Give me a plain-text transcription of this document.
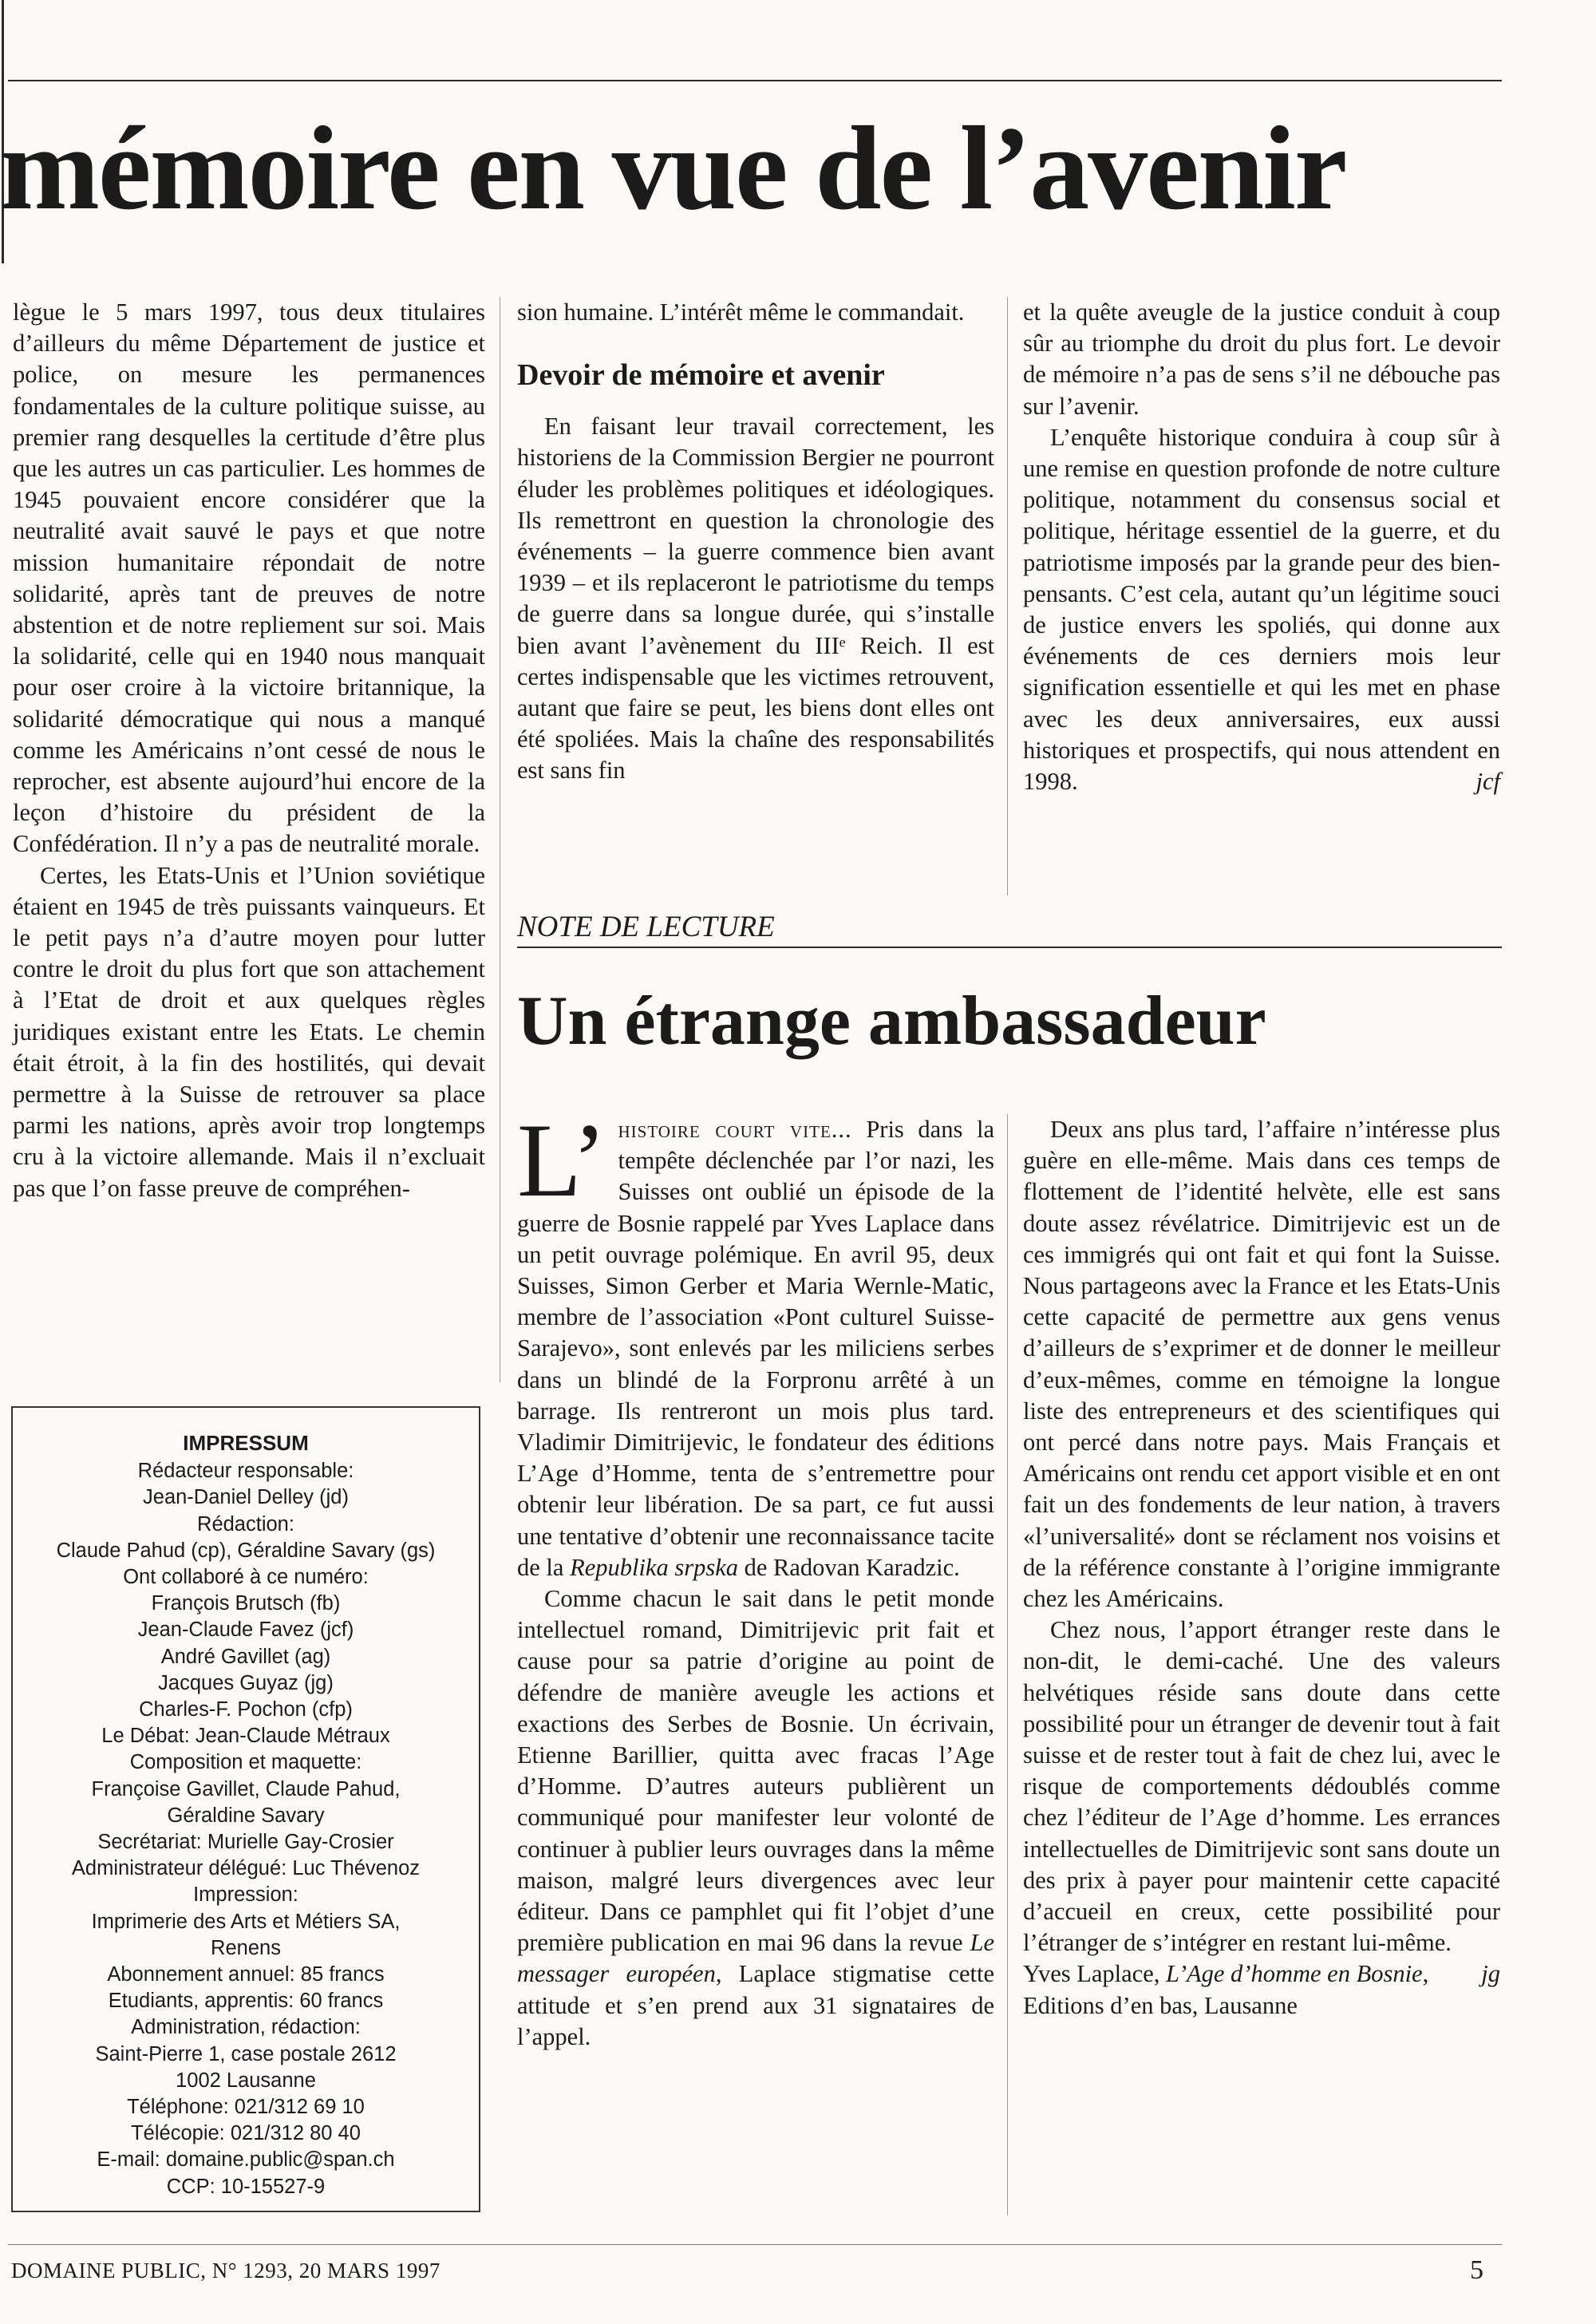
mémoire en vue de l’avenir

lègue le 5 mars 1997, tous deux titulaires d’ailleurs du même Département de justice et police, on mesure les permanences fondamentales de la culture politique suisse, au premier rang desquelles la certitude d’être plus que les autres un cas particulier. Les hommes de 1945 pouvaient encore considérer que la neutralité avait sauvé le pays et que notre mission humanitaire répondait de notre solidarité, après tant de preuves de notre abstention et de notre repliement sur soi. Mais la solidarité, celle qui en 1940 nous manquait pour oser croire à la victoire britannique, la solidarité démocratique qui nous a manqué comme les Américains n’ont cessé de nous le reprocher, est absente aujourd’hui encore de la leçon d’histoire du président de la Confédération. Il n’y a pas de neutralité morale.

Certes, les Etats-Unis et l’Union soviétique étaient en 1945 de très puissants vainqueurs. Et le petit pays n’a d’autre moyen pour lutter contre le droit du plus fort que son attachement à l’Etat de droit et aux quelques règles juridiques existant entre les Etats. Le chemin était étroit, à la fin des hostilités, qui devait permettre à la Suisse de retrouver sa place parmi les nations, après avoir trop longtemps cru à la victoire allemande. Mais il n’excluait pas que l’on fasse preuve de compréhen-

sion humaine. L’intérêt même le commandait.

Devoir de mémoire et avenir

En faisant leur travail correctement, les historiens de la Commission Bergier ne pourront éluder les problèmes politiques et idéologiques. Ils remettront en question la chronologie des événements – la guerre commence bien avant 1939 – et ils replaceront le patriotisme du temps de guerre dans sa longue durée, qui s’installe bien avant l’avènement du IIIᵉ Reich. Il est certes indispensable que les victimes retrouvent, autant que faire se peut, les biens dont elles ont été spoliées. Mais la chaîne des responsabilités est sans fin

et la quête aveugle de la justice conduit à coup sûr au triomphe du droit du plus fort. Le devoir de mémoire n’a pas de sens s’il ne débouche pas sur l’avenir.

L’enquête historique conduira à coup sûr à une remise en question profonde de notre culture politique, notamment du consensus social et politique, héritage essentiel de la guerre, et du patriotisme imposés par la grande peur des bien-pensants. C’est cela, autant qu’un légitime souci de justice envers les spoliés, qui donne aux événements de ces derniers mois leur signification essentielle et qui les met en phase avec les deux anniversaires, eux aussi historiques et prospectifs, qui nous attendent en 1998.	jcf

NOTE DE LECTURE
Un étrange ambassadeur

L’ histoire court vite... Pris dans la tempête déclenchée par l’or nazi, les Suisses ont oublié un épisode de la guerre de Bosnie rappelé par Yves Laplace dans un petit ouvrage polémique. En avril 95, deux Suisses, Simon Gerber et Maria Wernle-Matic, membre de l’association «Pont culturel Suisse-Sarajevo», sont enlevés par les miliciens serbes dans un blindé de la Forpronu arrêté à un barrage. Ils rentreront un mois plus tard. Vladimir Dimitrijevic, le fondateur des éditions L’Age d’Homme, tenta de s’entremettre pour obtenir leur libération. De sa part, ce fut aussi une tentative d’obtenir une reconnaissance tacite de la Republika srpska de Radovan Karadzic.

Comme chacun le sait dans le petit monde intellectuel romand, Dimitrijevic prit fait et cause pour sa patrie d’origine au point de défendre de manière aveugle les actions et exactions des Serbes de Bosnie. Un écrivain, Etienne Barillier, quitta avec fracas l’Age d’Homme. D’autres auteurs publièrent un communiqué pour manifester leur volonté de continuer à publier leurs ouvrages dans la même maison, malgré leurs divergences avec leur éditeur. Dans ce pamphlet qui fit l’objet d’une première publication en mai 96 dans la revue Le messager européen, Laplace stigmatise cette attitude et s’en prend aux 31 signataires de l’appel.

Deux ans plus tard, l’affaire n’intéresse plus guère en elle-même. Mais dans ces temps de flottement de l’identité helvète, elle est sans doute assez révélatrice. Dimitrijevic est un de ces immigrés qui ont fait et qui font la Suisse. Nous partageons avec la France et les Etats-Unis cette capacité de permettre aux gens venus d’ailleurs de s’exprimer et de donner le meilleur d’eux-mêmes, comme en témoigne la longue liste des entrepreneurs et des scientifiques qui ont percé dans notre pays. Mais Français et Américains ont rendu cet apport visible et en ont fait un des fondements de leur nation, à travers «l’universalité» dont se réclament nos voisins et de la référence constante à l’origine immigrante chez les Américains.

Chez nous, l’apport étranger reste dans le non-dit, le demi-caché. Une des valeurs helvétiques réside sans doute dans cette possibilité pour un étranger de devenir tout à fait suisse et de rester tout à fait de chez lui, avec le risque de comportements dédoublés comme chez l’éditeur de l’Age d’homme. Les errances intellectuelles de Dimitrijevic sont sans doute un des prix à payer pour maintenir cette capacité d’accueil en creux, cette possibilité pour l’étranger de s’intégrer en restant lui-même.
jg

Yves Laplace, L’Age d’homme en Bosnie,
Editions d’en bas, Lausanne

IMPRESSUM
Rédacteur responsable:
Jean-Daniel Delley (jd)
Rédaction:
Claude Pahud (cp), Géraldine Savary (gs)
Ont collaboré à ce numéro:
François Brutsch (fb)
Jean-Claude Favez (jcf)
André Gavillet (ag)
Jacques Guyaz (jg)
Charles-F. Pochon (cfp)
Le Débat: Jean-Claude Métraux
Composition et maquette:
Françoise Gavillet, Claude Pahud,
Géraldine Savary
Secrétariat: Murielle Gay-Crosier
Administrateur délégué: Luc Thévenoz
Impression:
Imprimerie des Arts et Métiers SA,
Renens
Abonnement annuel: 85 francs
Etudiants, apprentis: 60 francs
Administration, rédaction:
Saint-Pierre 1, case postale 2612
1002 Lausanne
Téléphone: 021/312 69 10
Télécopie: 021/312 80 40
E-mail: domaine.public@span.ch
CCP: 10-15527-9
DOMAINE PUBLIC, N° 1293, 20 MARS 1997	5
